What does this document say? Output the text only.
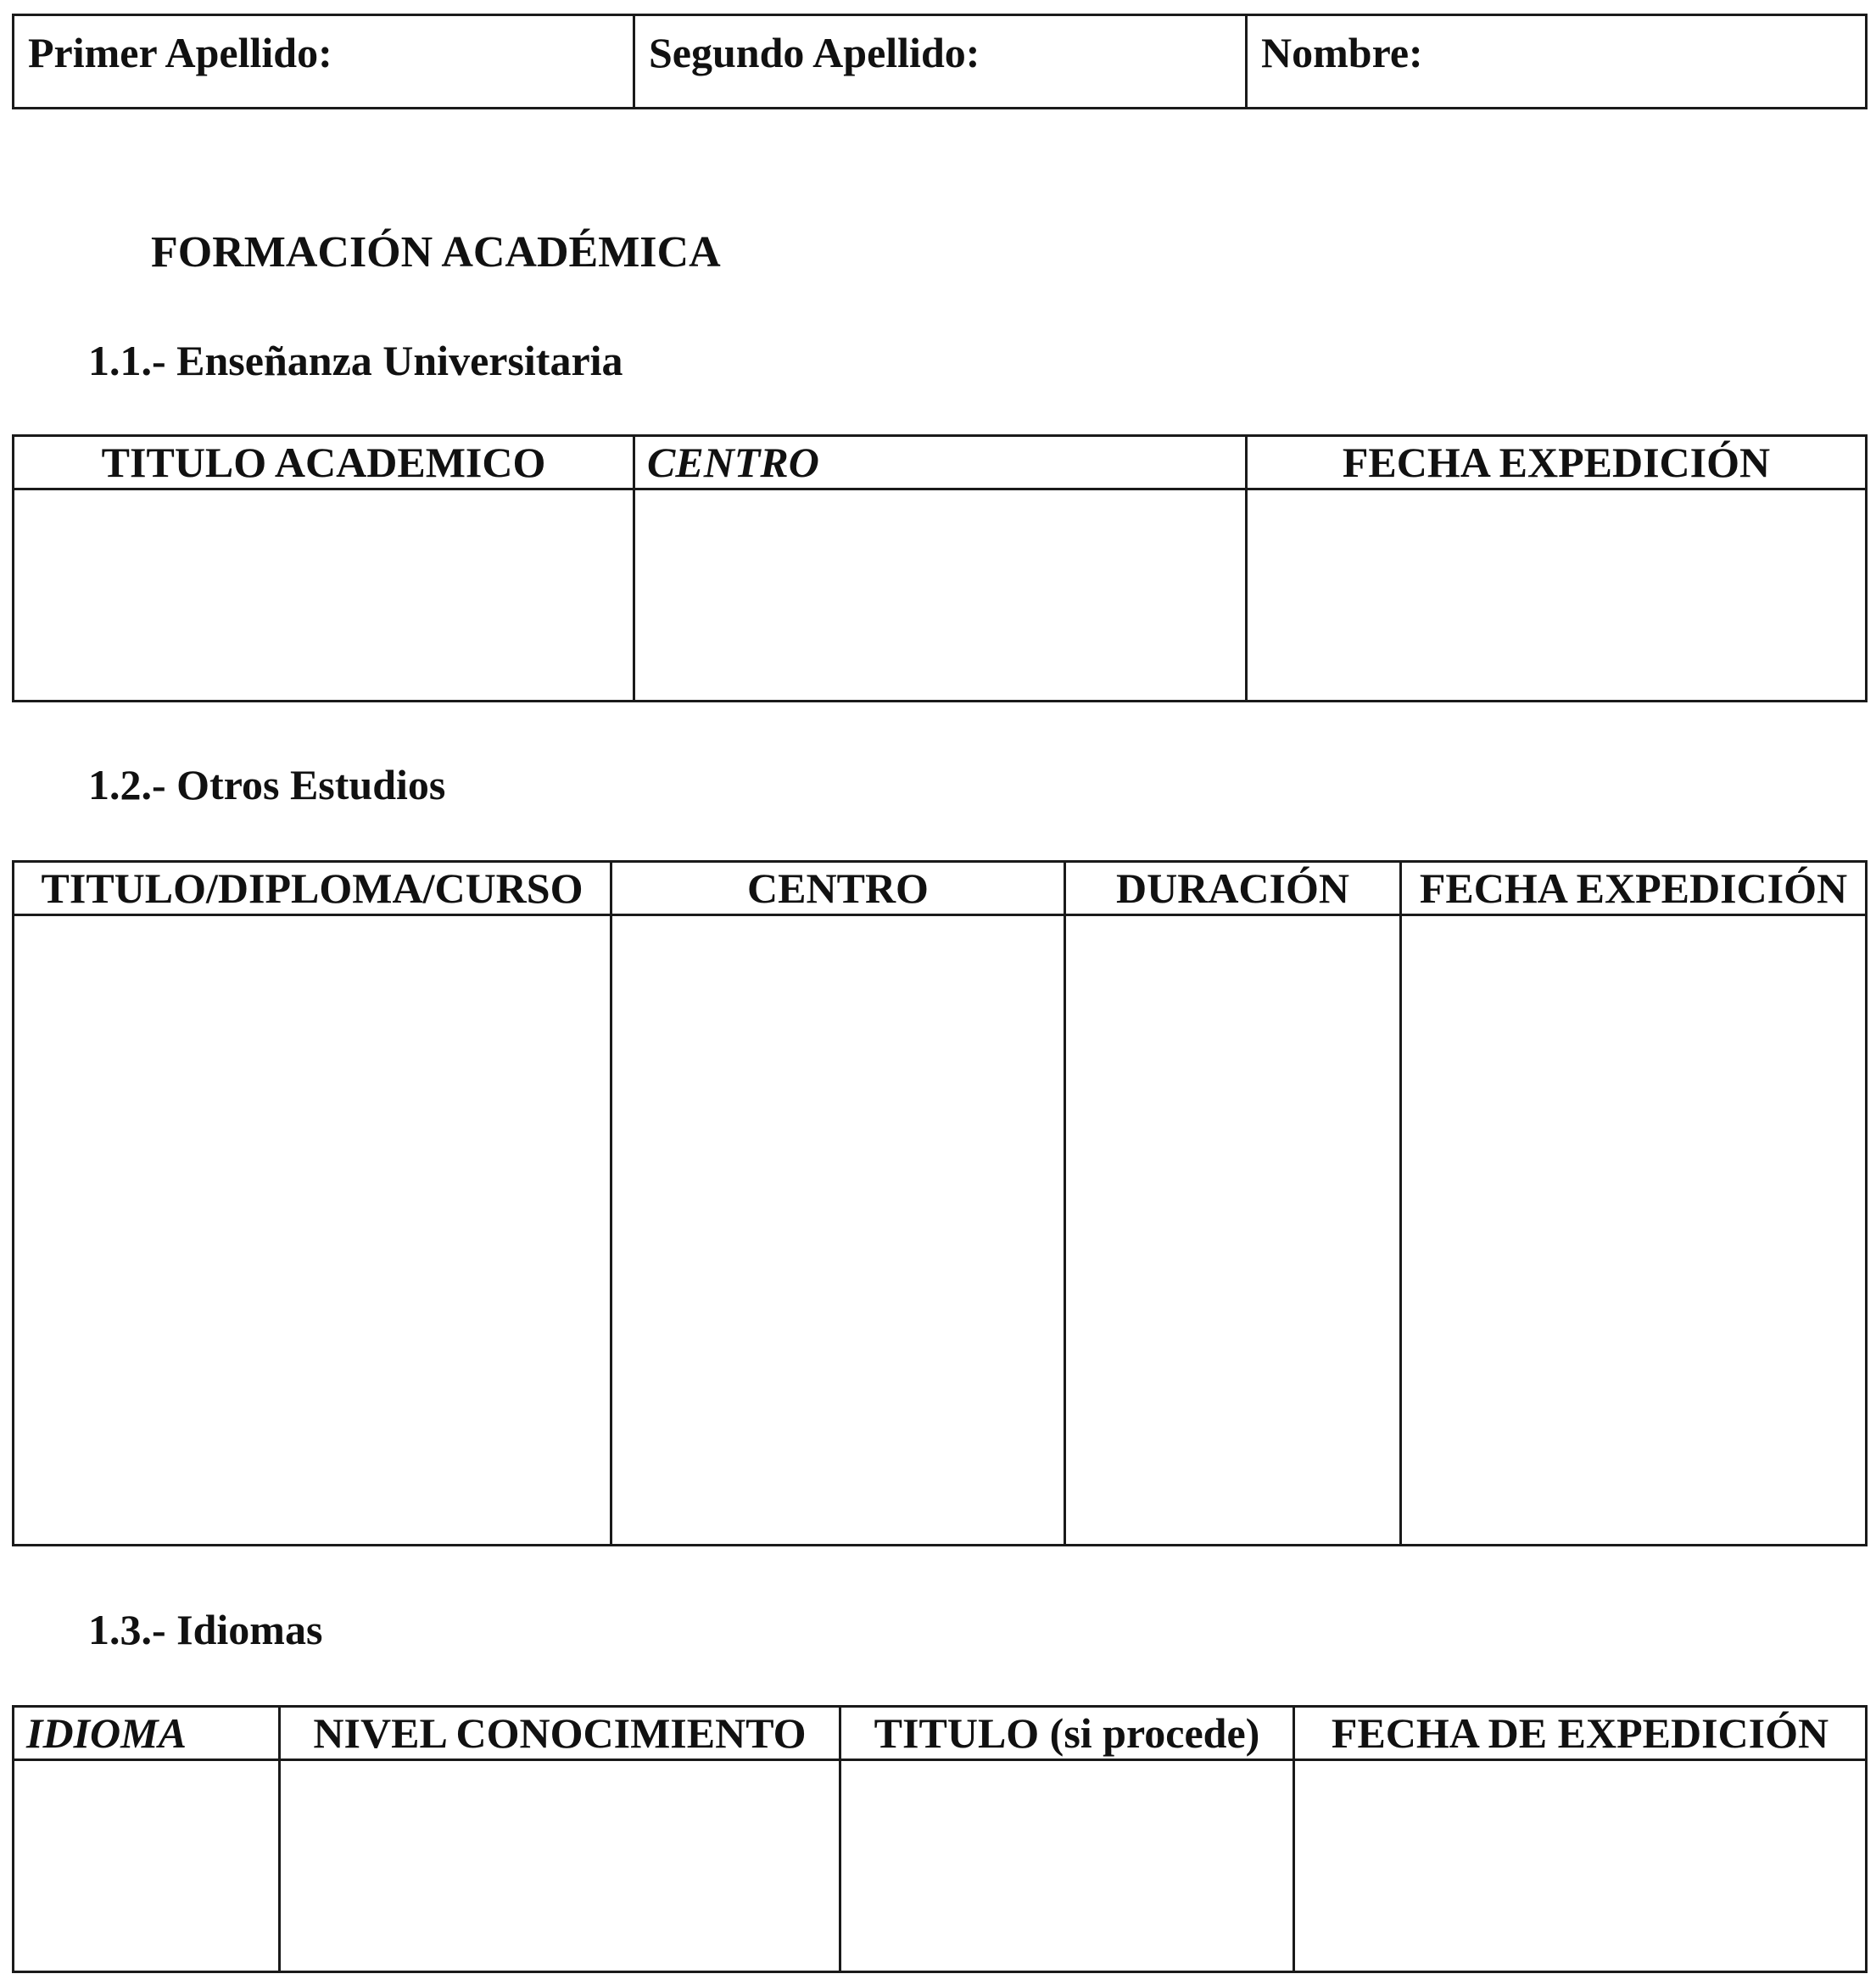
Primer Apellido:	Segundo Apellido:	Nombre:
FORMACIÓN ACADÉMICA
1.1.- Enseñanza Universitaria
TITULO ACADEMICO	CENTRO	FECHA EXPEDICIÓN

1.2.- Otros Estudios
TITULO/DIPLOMA/CURSO	CENTRO	DURACIÓN	FECHA EXPEDICIÓN

1.3.- Idiomas
IDIOMA	NIVEL CONOCIMIENTO	TITULO (si procede)	FECHA DE EXPEDICIÓN
